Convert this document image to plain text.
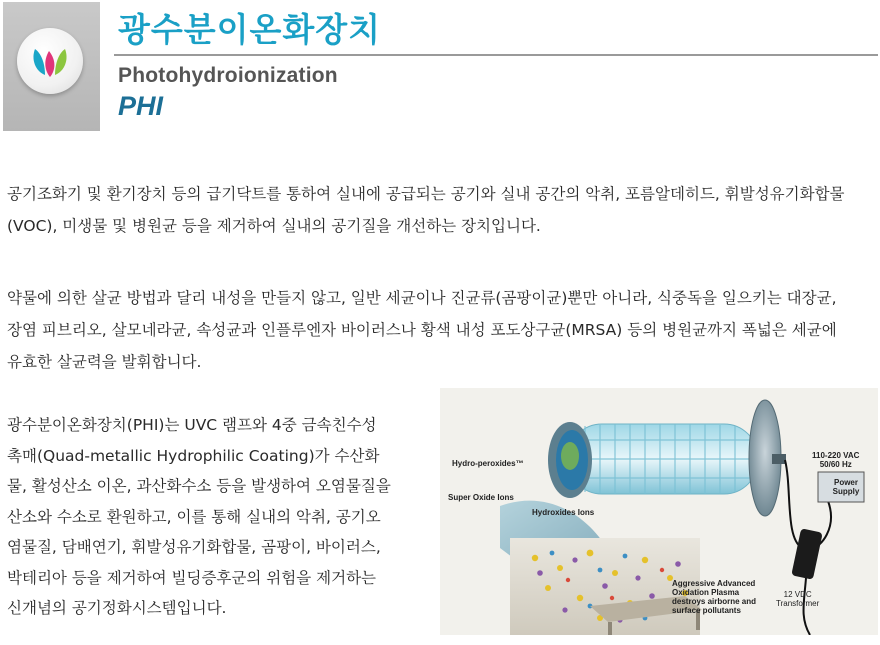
광수분이온화장치
Photohydroionization
PHI

공기조화기 및 환기장치 등의 급기닥트를 통하여 실내에 공급되는 공기와 실내 공간의 악취, 포름알데히드, 휘발성유기화합물
(VOC), 미생물 및 병원균 등을 제거하여 실내의 공기질을 개선하는 장치입니다.

약물에 의한 살균 방법과 달리 내성을 만들지 않고, 일반 세균이나 진균류(곰팡이균)뿐만 아니라, 식중독을 일으키는 대장균,
장염 피브리오, 살모네라균, 속성균과 인플루엔자 바이러스나 황색 내성 포도상구균(MRSA) 등의 병원균까지 폭넓은 세균에
유효한 살균력을 발휘합니다.

광수분이온화장치(PHI)는 UVC 램프와 4중 금속친수성
촉매(Quad-metallic Hydrophilic Coating)가 수산화
물, 활성산소 이온, 과산화수소 등을 발생하여 오염물질을
산소와 수소로 환원하고, 이를 통해 실내의 악취, 공기오
염물질, 담배연기, 휘발성유기화합물, 곰팡이, 바이러스,
박테리아 등을 제거하여 빌딩증후군의 위험을 제거하는
신개념의 공기정화시스템입니다.

Hydro-peroxides™
Super Oxide Ions
Hydroxides Ions
110-220 VAC
50/60 Hz
Power
Supply
Aggressive Advanced
Oxidation Plasma
destroys airborne and
surface pollutants
12 VDC
Transformer
